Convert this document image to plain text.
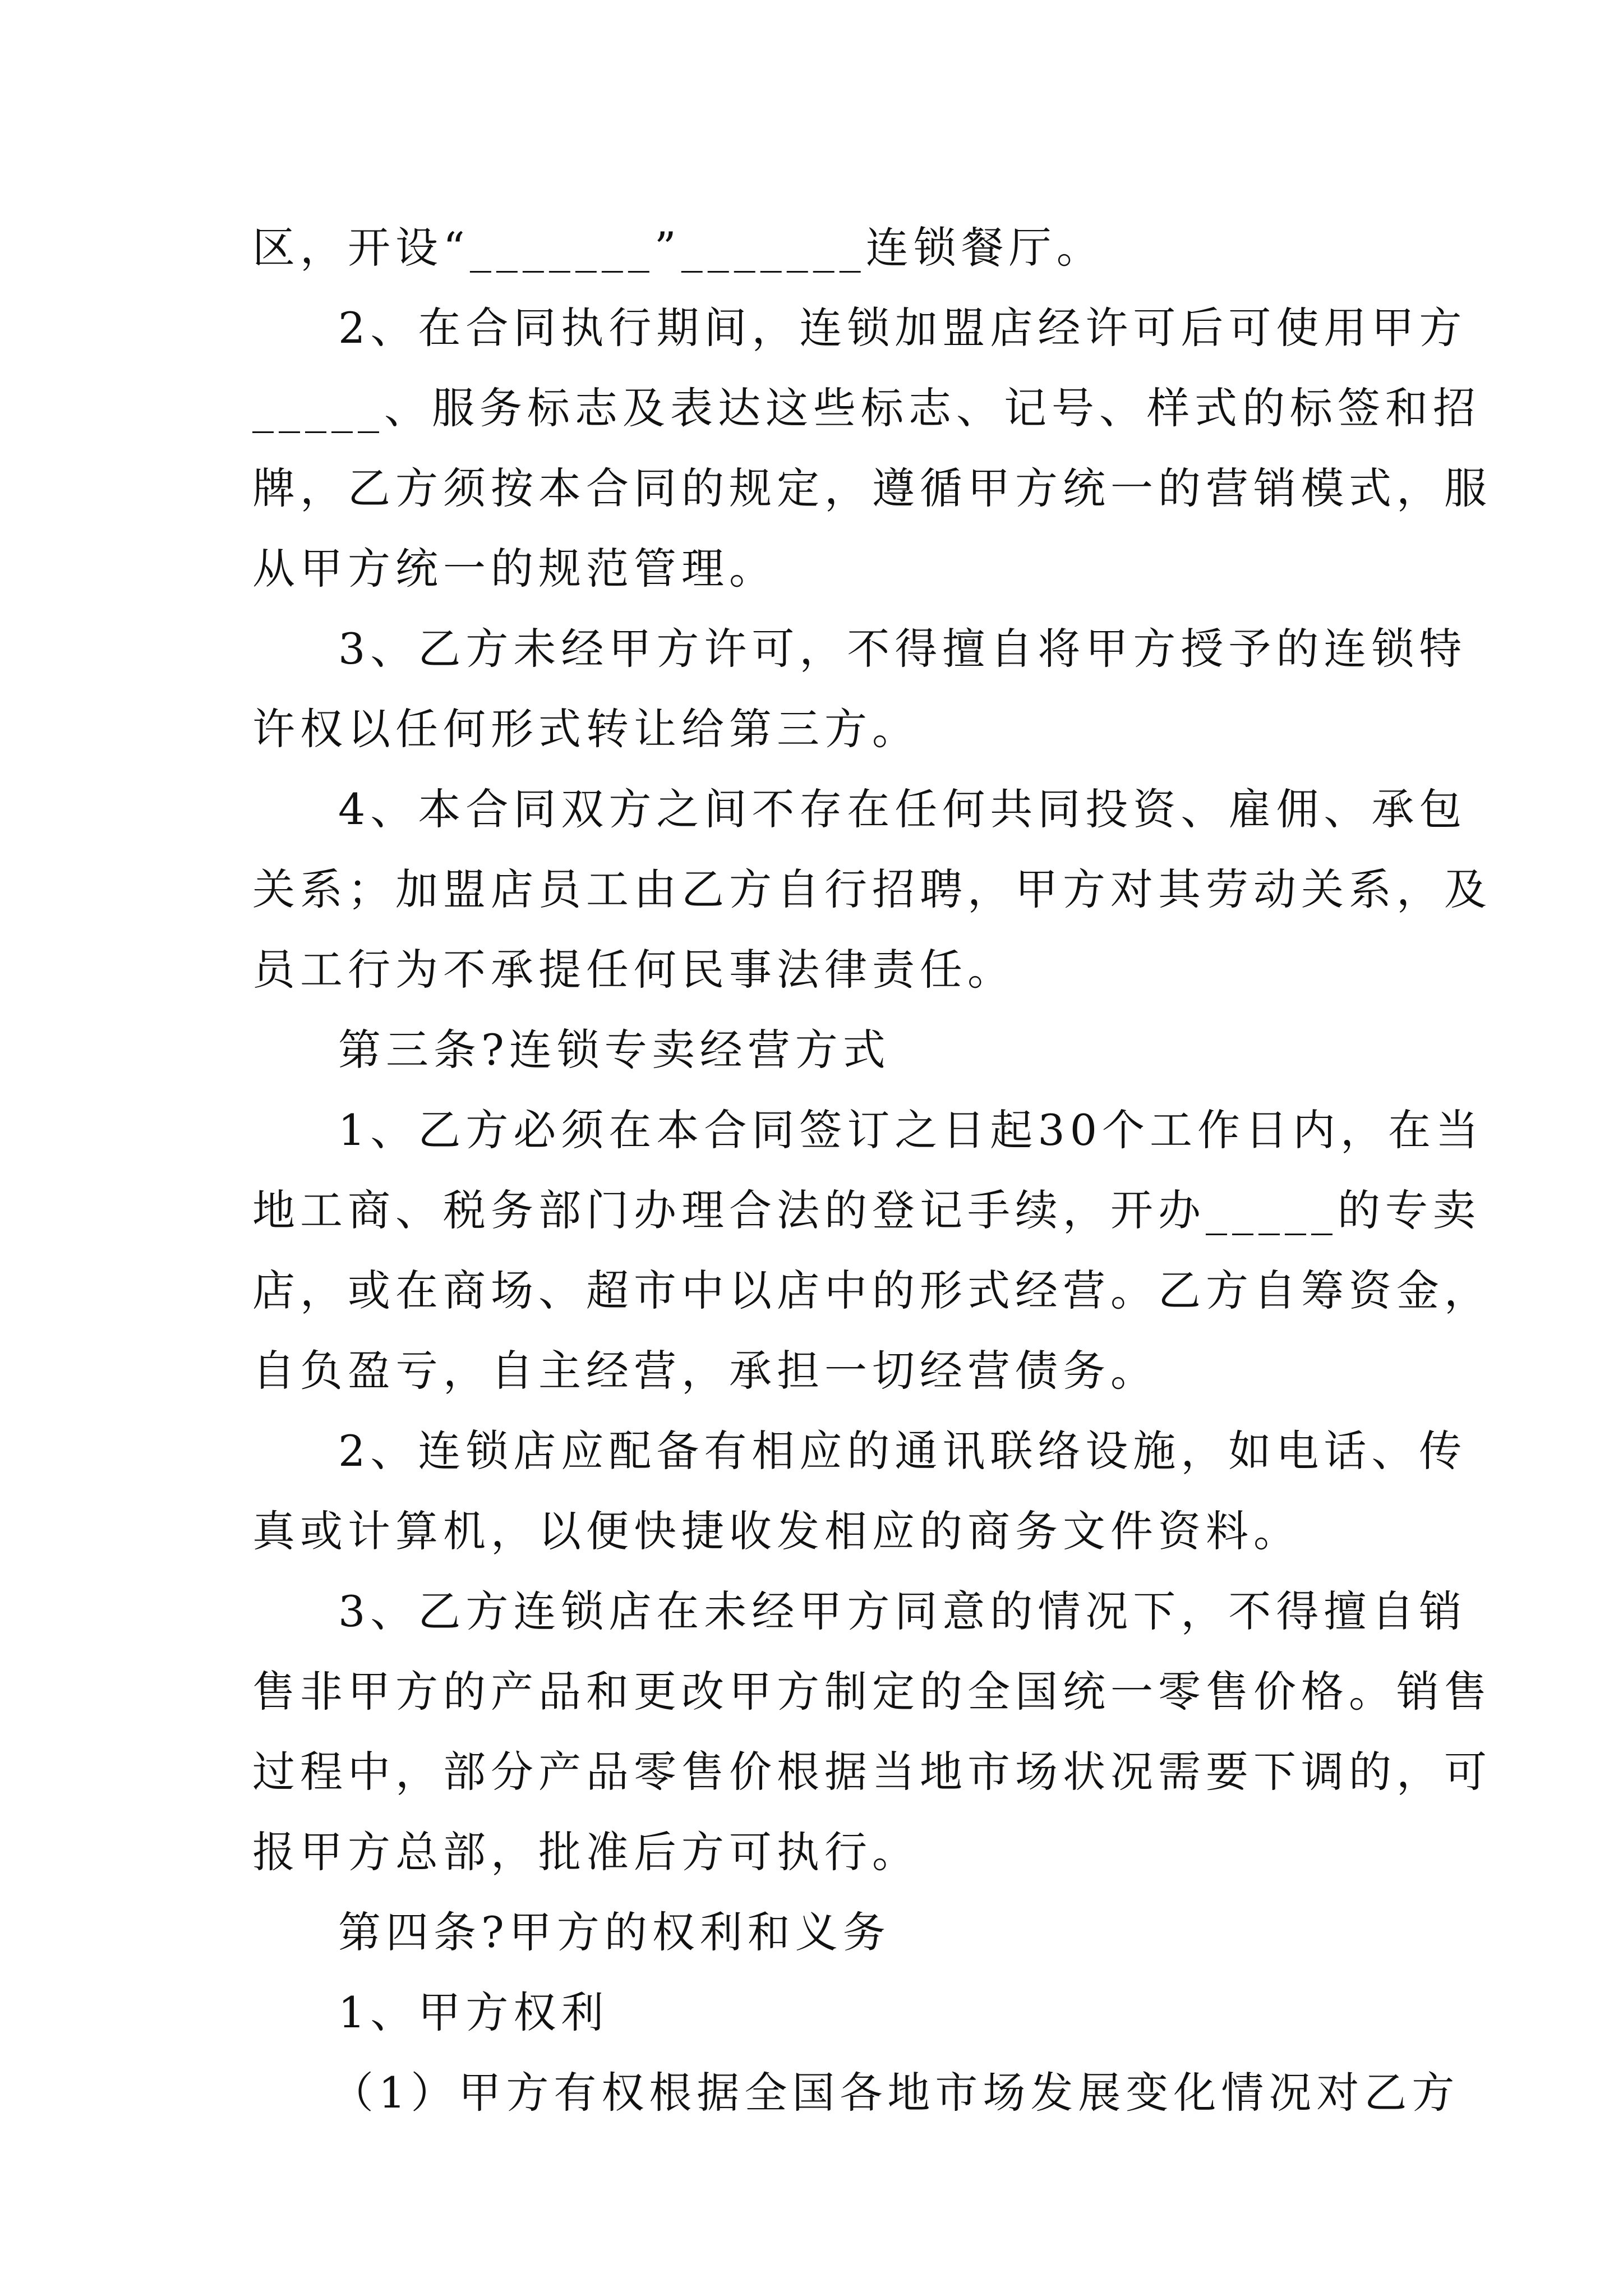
区，开设“_______”_______连锁餐厅。
2、在合同执行期间，连锁加盟店经许可后可使用甲方
_____、服务标志及表达这些标志、记号、样式的标签和招
牌，乙方须按本合同的规定，遵循甲方统一的营销模式，服
从甲方统一的规范管理。
3、乙方未经甲方许可，不得擅自将甲方授予的连锁特
许权以任何形式转让给第三方。
4、本合同双方之间不存在任何共同投资、雇佣、承包
关系；加盟店员工由乙方自行招聘，甲方对其劳动关系，及
员工行为不承提任何民事法律责任。
第三条?连锁专卖经营方式
1、乙方必须在本合同签订之日起30个工作日内，在当
地工商、税务部门办理合法的登记手续，开办_____的专卖
店，或在商场、超市中以店中的形式经营。乙方自筹资金，
自负盈亏，自主经营，承担一切经营债务。
2、连锁店应配备有相应的通讯联络设施，如电话、传
真或计算机，以便快捷收发相应的商务文件资料。
3、乙方连锁店在未经甲方同意的情况下，不得擅自销
售非甲方的产品和更改甲方制定的全国统一零售价格。销售
过程中，部分产品零售价根据当地市场状况需要下调的，可
报甲方总部，批准后方可执行。
第四条?甲方的权利和义务
1、甲方权利
（1）甲方有权根据全国各地市场发展变化情况对乙方
